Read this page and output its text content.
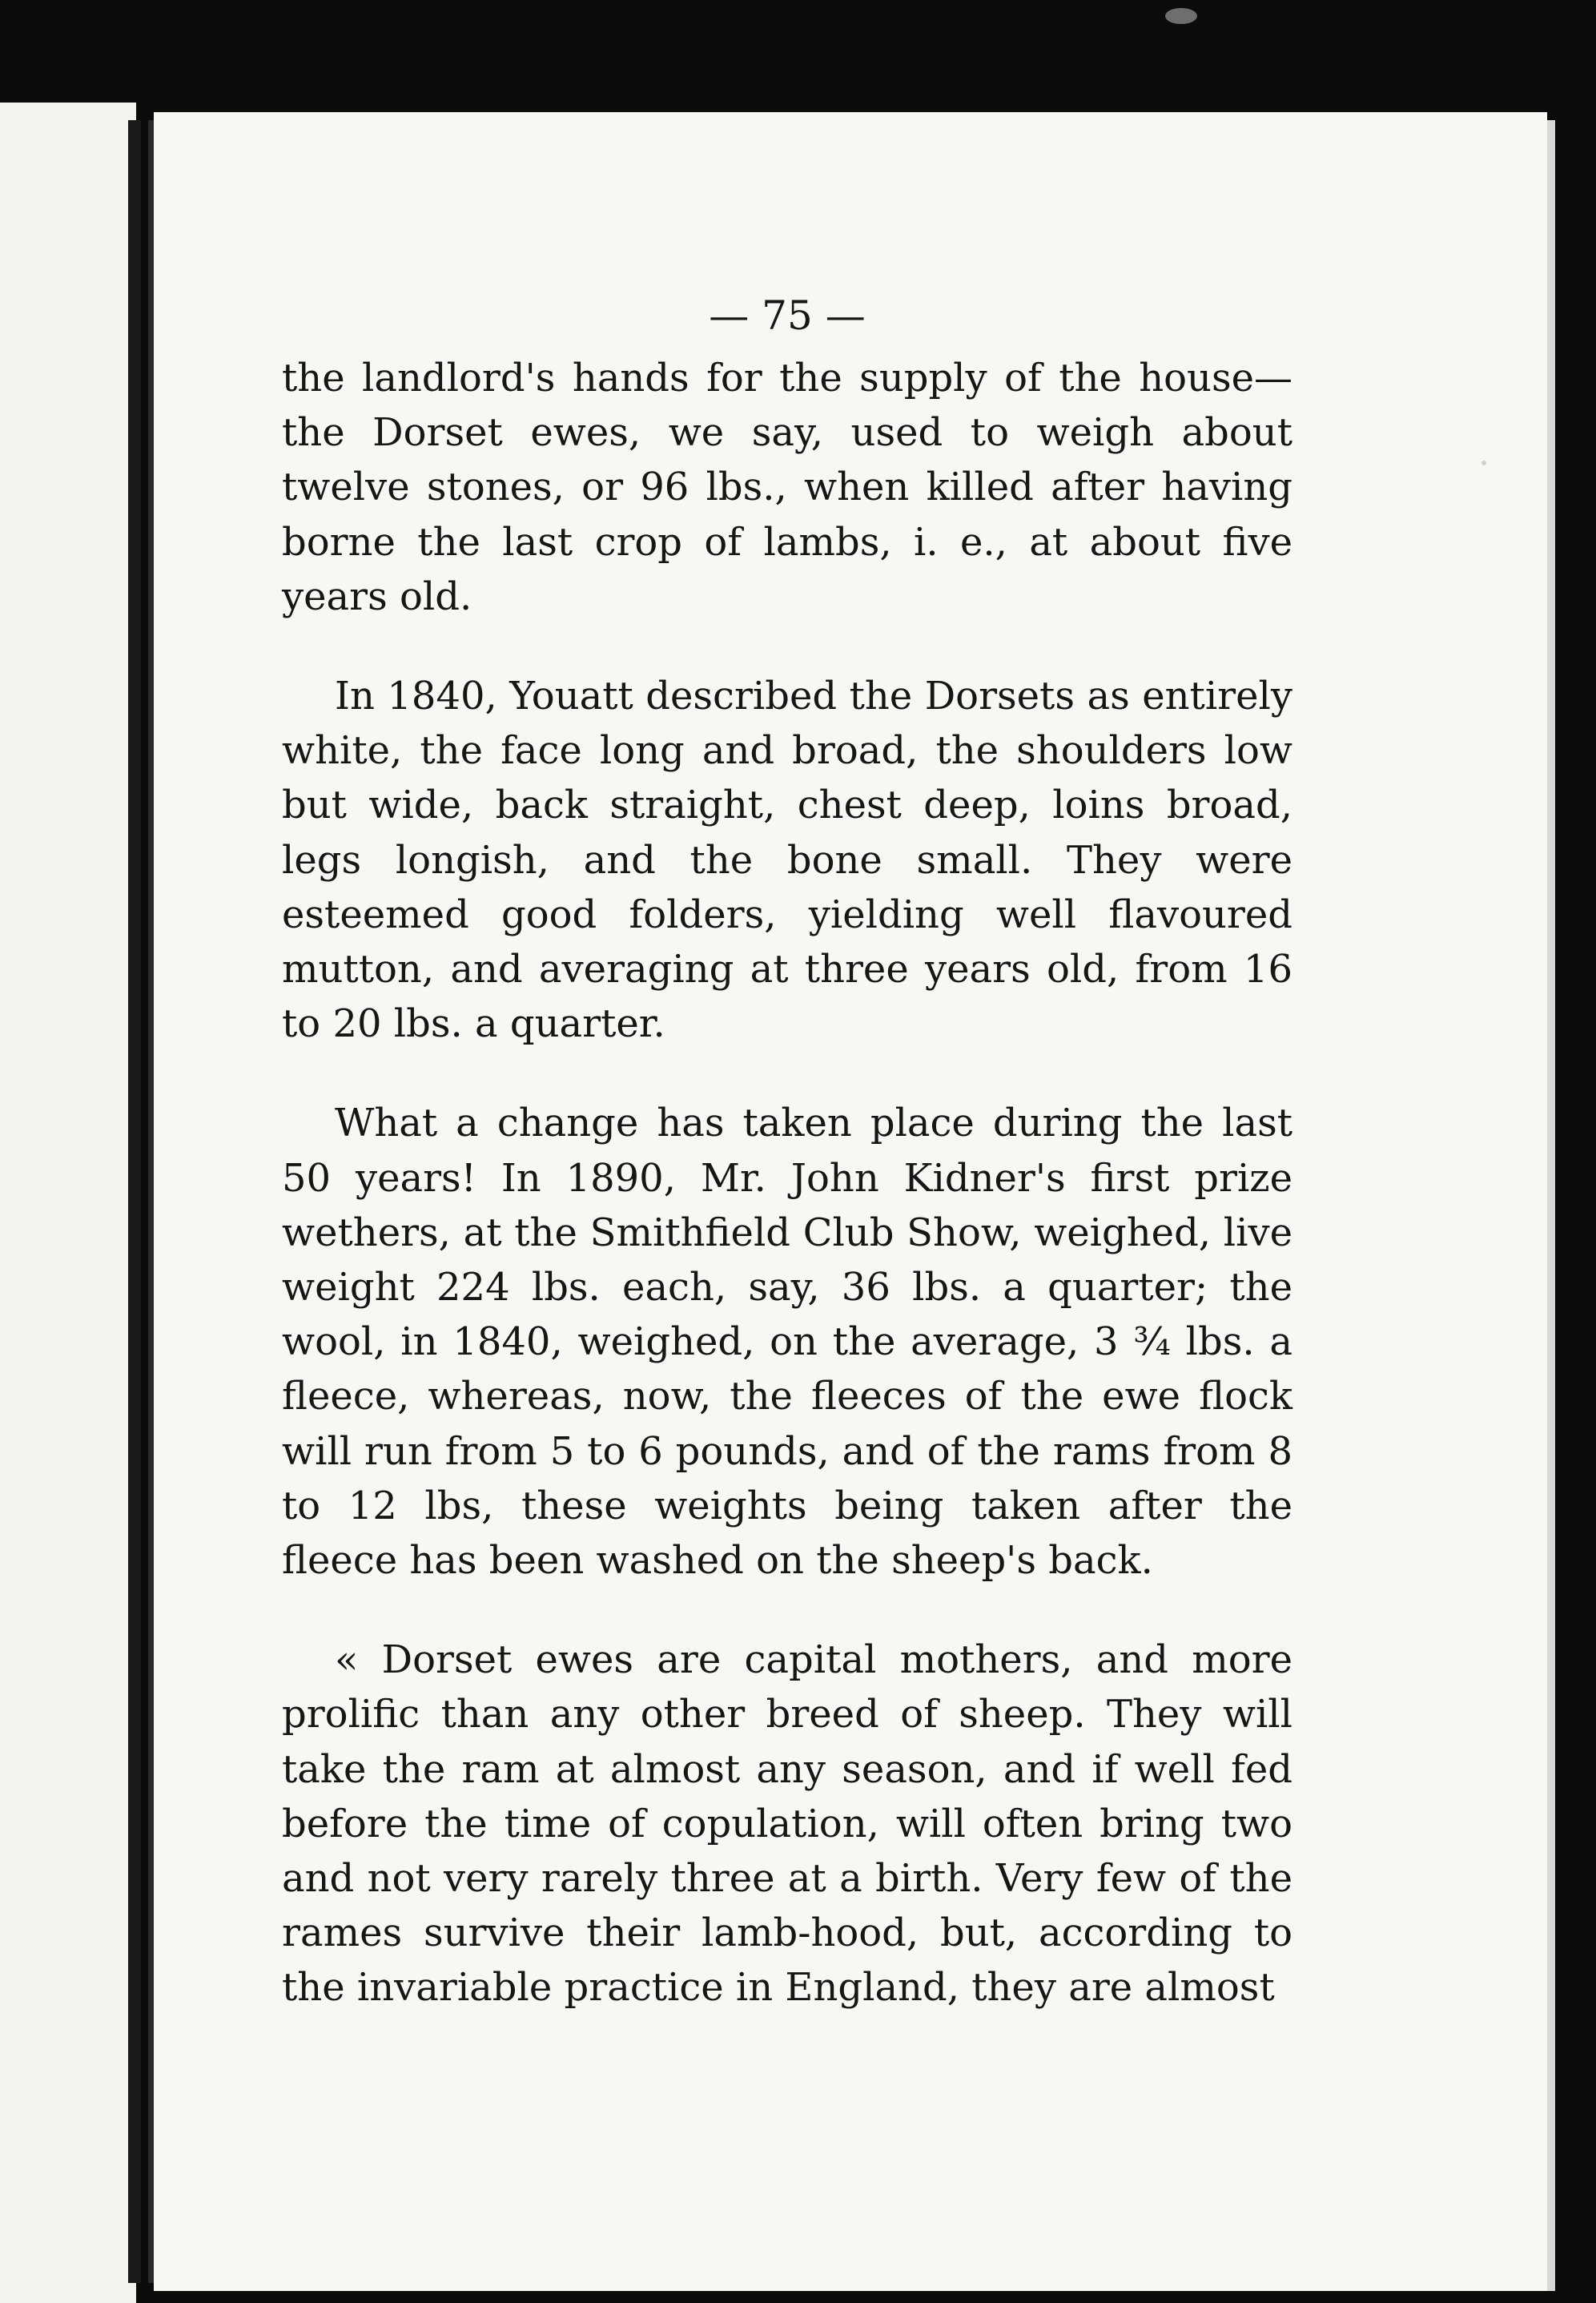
— 75 —

the landlord's hands for the supply of the house— the Dorset ewes, we say, used to weigh about twelve stones, or 96 lbs., when killed after having borne the last crop of lambs, i. e., at about five years old.

In 1840, Youatt described the Dorsets as entirely white, the face long and broad, the shoulders low but wide, back straight, chest deep, loins broad, legs longish, and the bone small. They were esteemed good folders, yielding well flavoured mutton, and averaging at three years old, from 16 to 20 lbs. a quarter.

What a change has taken place during the last 50 years! In 1890, Mr. John Kidner's first prize wethers, at the Smithfield Club Show, weighed, live weight 224 lbs. each, say, 36 lbs. a quarter; the wool, in 1840, weighed, on the average, 3 ¾ lbs. a fleece, whereas, now, the fleeces of the ewe flock will run from 5 to 6 pounds, and of the rams from 8 to 12 lbs, these weights being taken after the fleece has been washed on the sheep's back.

« Dorset ewes are capital mothers, and more prolific than any other breed of sheep. They will take the ram at almost any season, and if well fed before the time of copulation, will often bring two and not very rarely three at a birth. Very few of the rames survive their lamb-hood, but, according to the invariable practice in England, they are almost
